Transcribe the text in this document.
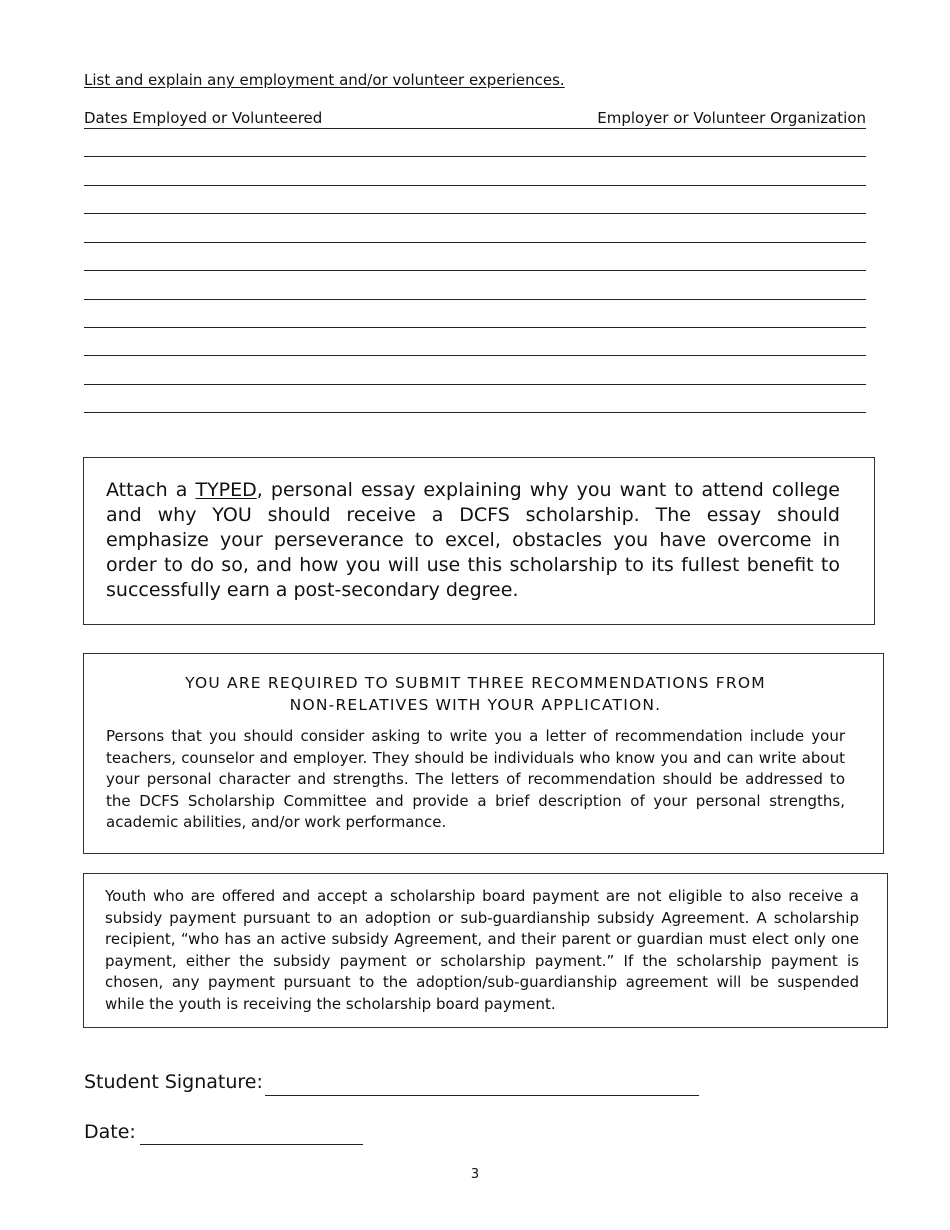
List and explain any employment and/or volunteer experiences.
Dates Employed or Volunteered	Employer or Volunteer Organization
Attach a TYPED, personal essay explaining why you want to attend college and why YOU should receive a DCFS scholarship. The essay should emphasize your perseverance to excel, obstacles you have overcome in order to do so, and how you will use this scholarship to its fullest benefit to successfully earn a post-secondary degree.
YOU ARE REQUIRED TO SUBMIT THREE RECOMMENDATIONS FROM
NON-RELATIVES WITH YOUR APPLICATION.
Persons that you should consider asking to write you a letter of recommendation include your teachers, counselor and employer. They should be individuals who know you and can write about your personal character and strengths. The letters of recommendation should be addressed to the DCFS Scholarship Committee and provide a brief description of your personal strengths, academic abilities, and/or work performance.
Youth who are offered and accept a scholarship board payment are not eligible to also receive a subsidy payment pursuant to an adoption or sub-guardianship subsidy Agreement. A scholarship recipient, “who has an active subsidy Agreement, and their parent or guardian must elect only one payment, either the subsidy payment or scholarship payment.” If the scholarship payment is chosen, any payment pursuant to the adoption/sub-guardianship agreement will be suspended while the youth is receiving the scholarship board payment.
Student Signature:
Date:
3
